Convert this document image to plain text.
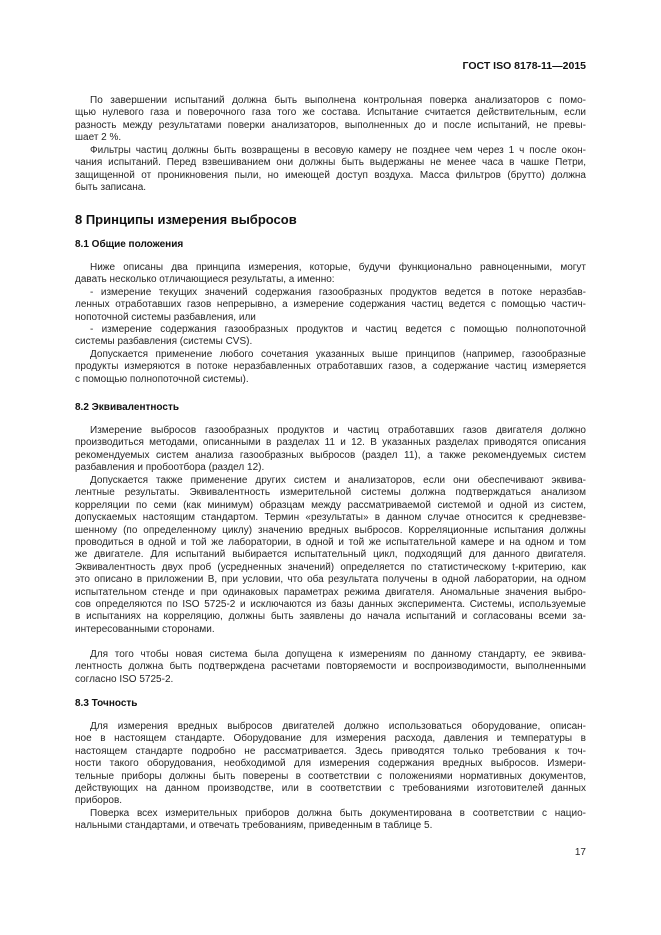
ГОСТ ISO 8178-11—2015
По завершении испытаний должна быть выполнена контрольная поверка анализаторов с помо-
щью нулевого газа и поверочного газа того же состава. Испытание считается действительным, если
разность между результатами поверки анализаторов, выполненных до и после испытаний, не превы-
шает 2 %.
Фильтры частиц должны быть возвращены в весовую камеру не позднее чем через 1 ч после окон-
чания испытаний. Перед взвешиванием они должны быть выдержаны не менее часа в чашке Петри,
защищенной от проникновения пыли, но имеющей доступ воздуха. Масса фильтров (брутто) должна
быть записана.
8 Принципы измерения выбросов
8.1 Общие положения
Ниже описаны два принципа измерения, которые, будучи функционально равноценными, могут
давать несколько отличающиеся результаты, а именно:
- измерение текущих значений содержания газообразных продуктов ведется в потоке неразбав-
ленных отработавших газов непрерывно, а измерение содержания частиц ведется с помощью частич-
нопоточной системы разбавления, или
- измерение содержания газообразных продуктов и частиц ведется с помощью полнопоточной
системы разбавления (системы CVS).
Допускается применение любого сочетания указанных выше принципов (например, газообразные
продукты измеряются в потоке неразбавленных отработавших газов, а содержание частиц измеряется
с помощью полнопоточной системы).
8.2 Эквивалентность
Измерение выбросов газообразных продуктов и частиц отработавших газов двигателя должно
производиться методами, описанными в разделах 11 и 12. В указанных разделах приводятся описания
рекомендуемых систем анализа газообразных выбросов (раздел 11), а также рекомендуемых систем
разбавления и пробоотбора (раздел 12).
Допускается также применение других систем и анализаторов, если они обеспечивают эквива-
лентные результаты. Эквивалентность измерительной системы должна подтверждаться анализом
корреляции по семи (как минимум) образцам между рассматриваемой системой и одной из систем,
допускаемых настоящим стандартом. Термин «результаты» в данном случае относится к средневзве-
шенному (по определенному циклу) значению вредных выбросов. Корреляционные испытания должны
проводиться в одной и той же лаборатории, в одной и той же испытательной камере и на одном и том
же двигателе. Для испытаний выбирается испытательный цикл, подходящий для данного двигателя.
Эквивалентность двух проб (усредненных значений) определяется по статистическому t-критерию, как
это описано в приложении В, при условии, что оба результата получены в одной лаборатории, на одном
испытательном стенде и при одинаковых параметрах режима двигателя. Аномальные значения выбро-
сов определяются по ISO 5725-2 и исключаются из базы данных эксперимента. Системы, используемые
в испытаниях на корреляцию, должны быть заявлены до начала испытаний и согласованы всеми за-
интересованными сторонами.
Для того чтобы новая система была допущена к измерениям по данному стандарту, ее эквива-
лентность должна быть подтверждена расчетами повторяемости и воспроизводимости, выполненными
согласно ISO 5725-2.
8.3 Точность
Для измерения вредных выбросов двигателей должно использоваться оборудование, описан-
ное в настоящем стандарте. Оборудование для измерения расхода, давления и температуры в
настоящем стандарте подробно не рассматривается. Здесь приводятся только требования к точ-
ности такого оборудования, необходимой для измерения содержания вредных выбросов. Измери-
тельные приборы должны быть поверены в соответствии с положениями нормативных документов,
действующих на данном производстве, или в соответствии с требованиями изготовителей данных
приборов.
Поверка всех измерительных приборов должна быть документирована в соответствии с нацио-
нальными стандартами, и отвечать требованиям, приведенным в таблице 5.
17
